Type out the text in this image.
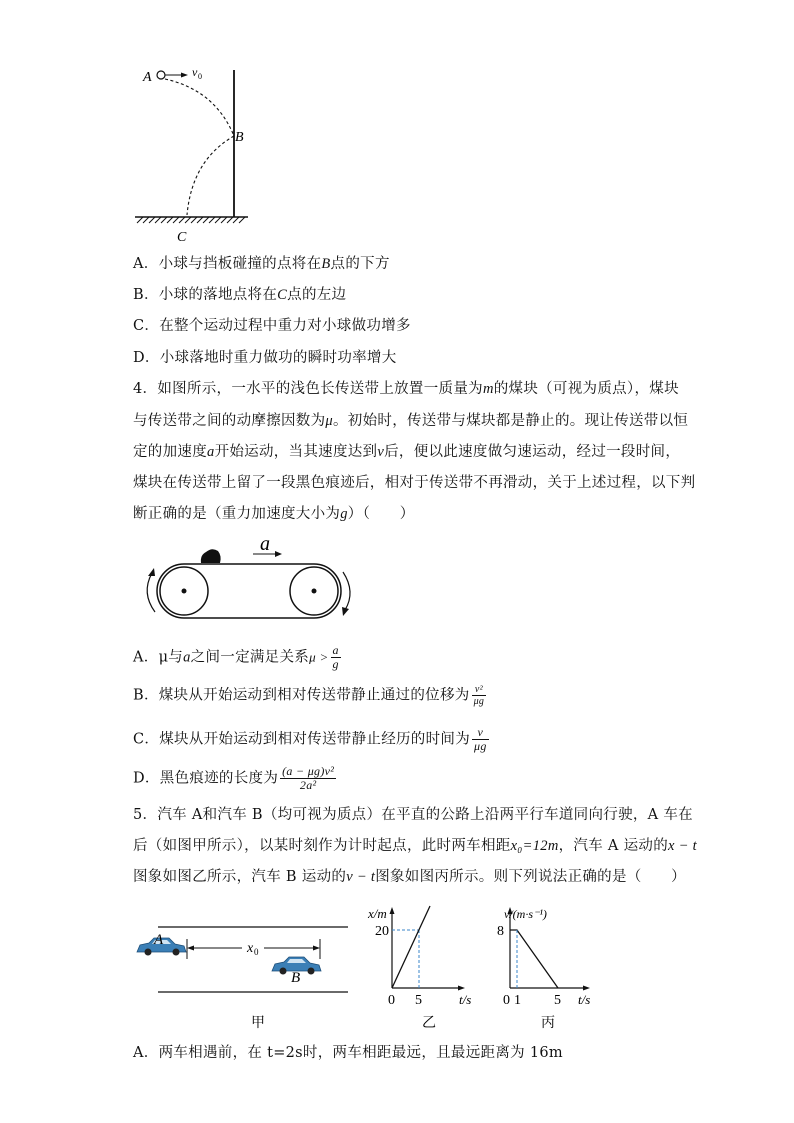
A	v 0
B
C
A．小球与挡板碰撞的点将在B点的下方
B．小球的落地点将在C点的左边
C．在整个运动过程中重力对小球做功增多
D．小球落地时重力做功的瞬时功率增大
4．如图所示，一水平的浅色长传送带上放置一质量为m的煤块（可视为质点），煤块
与传送带之间的动摩擦因数为μ。初始时，传送带与煤块都是静止的。现让传送带以恒
定的加速度a开始运动，当其速度达到v后，便以此速度做匀速运动，经过一段时间，
煤块在传送带上留了一段黑色痕迹后，相对于传送带不再滑动，关于上述过程，以下判
断正确的是（重力加速度大小为g）（　　）
a
A．μ与a之间一定满足关系$\mu > \frac{a}{g}$
B．煤块从开始运动到相对传送带静止通过的位移为 $\frac{\text{v²}}{\mu g}$
C．煤块从开始运动到相对传送带静止经历的时间为 $\frac{v}{\mu g}$
D．黑色痕迹的长度为 $\frac{\text{(a − μg)v²}}{\text{2a²}}$
5．汽车 A和汽车 B（均可视为质点）在平直的公路上沿两平行车道同向行驶，A 车在
后（如图甲所示），以某时刻作为计时起点，此时两车相距x₀=12m，汽车 A 运动的x − t
图象如图乙所示，汽车 B 运动的v − t图象如图丙所示。则下列说法正确的是（　　）
A
B
x 0
甲
x/m
20
0 5	t/s
乙
v/(m·s⁻¹)
8
0 1 5 t/s
丙
A．两车相遇前，在 t=2s时，两车相距最远，且最远距离为 16m
